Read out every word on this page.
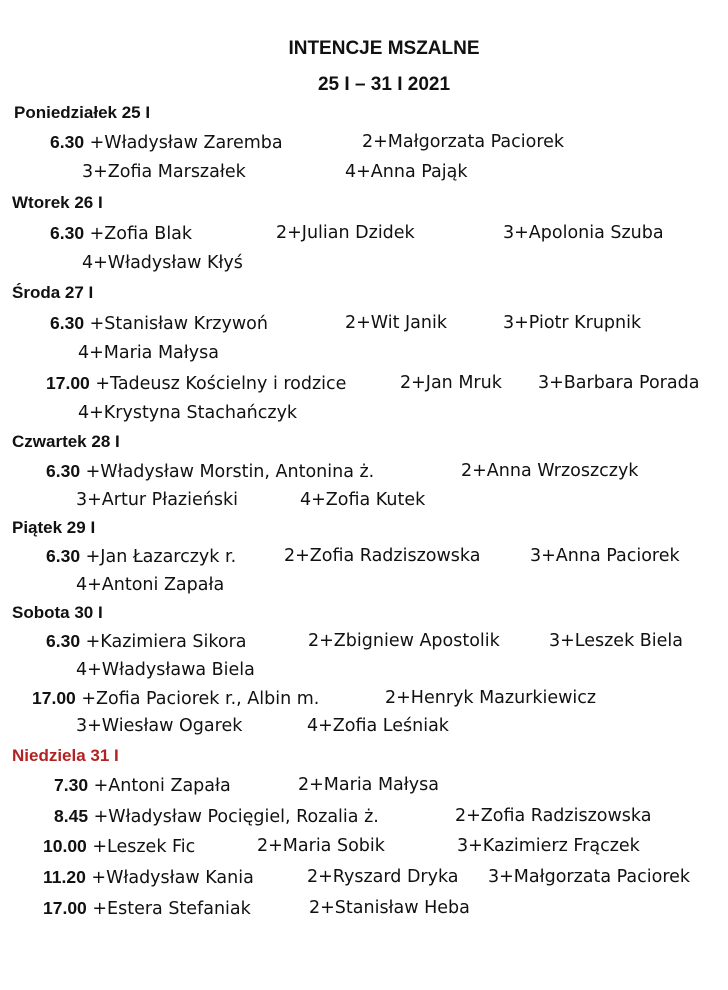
INTENCJE MSZALNE
25 I – 31 I 2021
Poniedziałek 25 I
6.30 +Władysław Zaremba	2+Małgorzata Paciorek
3+Zofia Marszałek	4+Anna Pająk
Wtorek 26 I
6.30 +Zofia Blak	2+Julian Dzidek	3+Apolonia Szuba
4+Władysław Kłyś
Środa 27 I
6.30 +Stanisław Krzywoń	2+Wit Janik	3+Piotr Krupnik
4+Maria Małysa
17.00 +Tadeusz Kościelny i rodzice	2+Jan Mruk 3+Barbara Porada
4+Krystyna Stachańczyk
Czwartek 28 I
6.30 +Władysław Morstin, Antonina ż.	2+Anna Wrzoszczyk
3+Artur Płazieński	4+Zofia Kutek
Piątek 29 I
6.30 +Jan Łazarczyk r.	2+Zofia Radziszowska	3+Anna Paciorek
4+Antoni Zapała
Sobota 30 I
6.30 +Kazimiera Sikora	2+Zbigniew Apostolik	3+Leszek Biela
4+Władysława Biela
17.00 +Zofia Paciorek r., Albin m.	2+Henryk Mazurkiewicz
3+Wiesław Ogarek	4+Zofia Leśniak
Niedziela 31 I
7.30 +Antoni Zapała	2+Maria Małysa
8.45 +Władysław Pocięgiel, Rozalia ż.	2+Zofia Radziszowska
10.00 +Leszek Fic	2+Maria Sobik	3+Kazimierz Frączek
11.20 +Władysław Kania	2+Ryszard Dryka 3+Małgorzata Paciorek
17.00 +Estera Stefaniak	2+Stanisław Heba
